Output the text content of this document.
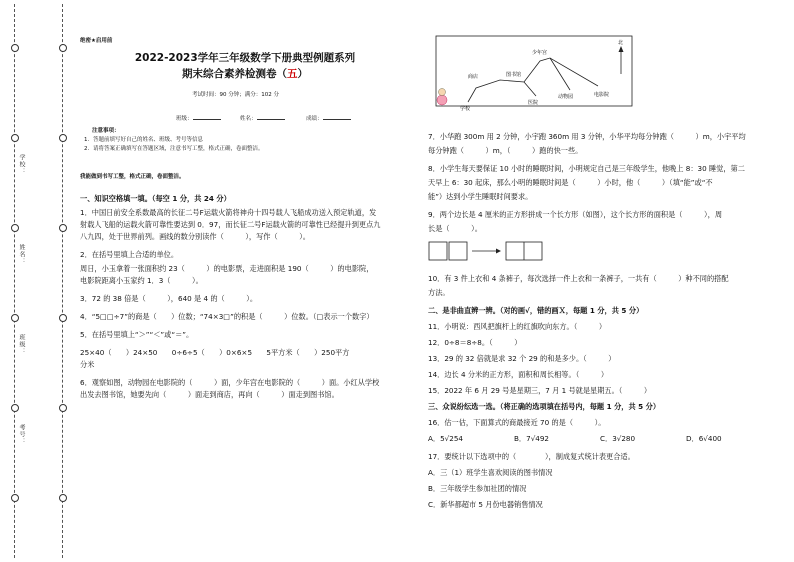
学校：
姓名：
班级：
考号：
绝密★启用前
2022-2023学年三年级数学下册典型例题系列
期末综合素养检测卷（五）
考试时间：90 分钟；满分：102 分
班级：	姓名：	成绩：
注意事项：
1．答题前填写好自己的姓名、班级、考号等信息
2．请将答案正确填写在答题区域，注意书写工整，格式正确，卷面整洁。
我能做到书写工整，格式正确，卷面整洁。
一、知识空格填一填。（每空 1 分，共 24 分）
1．中国日前安全系数最高的长征二号F运载火箭将神舟十四号载人飞船成功送入预定轨道，发
射载人飞船的运载火箭可靠性要达到 0．97，而长征二号F运载火箭的可靠性已经提升到更点九
八九四，处于世界前列。画线的数分别读作（　　　），写作（　　　）。
2．在括号里填上合适的单位。
周日，小玉拿着一张面积约 23（　　　）的电影票，走进面积是 190（　　　）的电影院，
电影院距离小玉家约 1．3（　　　）。
3．72 的 38 倍是（　　　），640 是 4 的（　　　）。
4．“5□□÷7”的商是（　　）位数；“74×3□”的积是（　　　）位数。（□表示一个数字）
5．在括号里填上“＞”“＜”或“＝”。
25×40（　　）24×50　　0÷6÷5（　　）0×6×5　　5平方米（　　）250平方
分米
6．观察如图，动物园在电影院的（　　　）面，少年宫在电影院的（　　　）面。小红从学校
出发去图书馆，她要先向（　　　）面走到商店，再向（　　　）面走到图书馆。
北
少年宫
商店	图书馆
学校
医院
动物园	电影院
7．小华跑 300m 用 2 分钟，小宇跑 360m 用 3 分钟，小华平均每分钟跑（　　　）m，小宇平均
每分钟跑（　　　）m，（　　　）跑的快一些。
8．小学生每天要保证 10 小时的睡眠时间，小明规定自己是三年级学生，他晚上 8：30 睡觉，第二
天早上 6：30 起床，那么小明的睡眠时间是（　　　）小时，他（　　　）（填“能”或“不
能”）达到小学生睡眠时间要求。
9．两个边长是 4 厘米的正方形拼成一个长方形（如图），这个长方形的面积是（　　　），周
长是（　　　）。
10．有 3 件上衣和 4 条裤子，每次选择一件上衣和一条裤子，一共有（　　　）种不同的搭配
方法。
二、是非曲直辨一辨。（对的画√，错的画Ｘ，每题 1 分，共 5 分）
11．小明说：西风把旗杆上的红旗吹向东方。（　　　）
12．0÷8＝8÷8。（　　　）
13．29 的 32 倍就是求 32 个 29 的和是多少。（　　　）
14．边长 4 分米的正方形，面积和周长相等。（　　　）
15．2022 年 6 月 29 号是星期三，7 月 1 号就是星期五。（　　　）
三、众说纷纭选一选。（将正确的选项填在括号内，每题 1 分，共 5 分）
16．估一估，下面算式的商最接近 70 的是（　　　）。
A．5√254	B．7√492	C．3√280	D．6√400
17．要统计以下选项中的（　　　　），制成复式统计表更合适。
A．三（1）班学生喜欢阅读的图书情况
B．三年级学生参加社团的情况
C．新华都超市 5 月份电器销售情况
